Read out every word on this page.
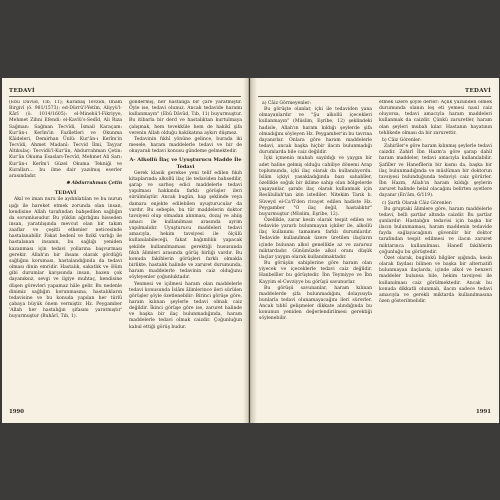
TEDAVİ

(Ebu Dâvûd, Tıb, 11); Karabaş Tevzidi, İmam Birgivî (ö. 981/1573): ed-Dürrü'l-Yetîm, Aliyyü'l-Kârî (ö. 1014/1605): el-Minehü'l-Fikriyye, Mehmet Zihni Efendi: el-Kavlü's-Sedîd, Ali Rıza Sağman: Sağman Tecvîdi, İsmail Karaçam: Kur'ân-ı Kerîm'in Fazîletleri ve Okunma Kâideleri, Demirhan Ünlü: Kur'ân-ı Kerîm'in Tecvîdi, Ahmet Madanî: Tecvid İlmi, Tayyar Altıkulaç: Tecvidü'l-Kur'ân, Abdurrahman Çetin: Kur'ân Okuma Esasları-Tecvîd, Mehmet Ali Sarı: Kur'ân-ı Kerîm'i Güzel Okuma Tekniği ve Kuralları... bu ilme dair yazılmış eserler arasındadır.

✸ Abdurrahman Çetin

TEDAVİ

Akıl ve iman nuru ile aydınlatılan ve bu nurun ışığı ile hareket etmek zorunda olan insan, kendisine Allah tarafından bahşedilen sağlığın da sorumlusudur. Bu yükün ağırlığını hisseden insan, yaratılışında mevcut olan bir takım zaaflar ve çeşitli etkenler neticesinde hastalanabilir. Fakat bedenî ve fizikî varlığı ile hastalanan insanın, bu sağlığı yeniden kazanması için tedavi yollarına başvurması gerekir. Allah'ın bir ihsanı olarak gördüğü sağlığını koruması, hastalandığında da tedavi olması dinin emridir. Hastalık, sakatlık ve ölüm gibi durumlar karşısında insan, bazen çok dayanıksız, sevgi ve ilgiye muhtaç, kendisine düşen görevleri yapamaz hâle gelir. Bu nedenle dinimiz sağlığın korunmasına, hastalıkların tedavisine ve bu konuda yapılan her türlü çabaya büyük önem vermiştir. Hz. Peygamber 'Allah her hastalığın şifasını yaratmıştır' buyurmuştur (Buhârî, Tıb, 1).

göndermiş, her hastalığa bir çare yaratmıştır. Öyle ise, tedavi olunuz. Ancak tedavide haramı kullanmayın" (Ebû Dâvûd, Tıb, 11) buyurmuştur. Bu itibarla bir derd ve hastalıktan kurtulmaya çalışmak, hem tevekküle hem de hakikî şifa verenin Allah olduğu hakikatına aykırı düşmez.

Tedavinin fıkhî yönüne gelince, burada iki mesele, haram maddelerle tedavi ve bir de okuyarak tedavi konusu gündeme gelmektedir.

A- Alkollü İlaç ve Uyuşturucu Madde İle Tedavi

Gerek klasik gereksе yeni telif edilen fıkıh kitaplarında alkollü ilaç ile tedaviden bahsedilir, şarap ve sarhoş edici maddelerle tedavi yapılması hakkında farklı görüşler ileri sürülmüştür. Ancak bugün, hap şeklinde veya damara enjekte edilebilen uyuşturucular da vardır. Bu sebeple, bu tür maddelerin doktor tavsiyesi olup olmadan alınması, dozaj ve ahiiş amacı ile kullanılması arasında ayrım yapılmalıdır. Uyuşturucu maddeleri tedavi amacıyla, hekim tavsiyesi ile ölçülü kullanılabileceği, fakat bağımlılık yapacak şekilde kullanılmaması gerektiği hususunda fıkıh âlimleri arasında görüş birliği vardır. Bu konuda fakihlerin görüşleri farklı olmakla birlikte, hastalık halinde ve zaruret durumunda, haram maddelerle tedavinin caiz olduğunu söyleyenler çoğunluktadır.

Yenmesi ve içilmesi haram olan maddelerle tedavi konusunda İslâm âlimlerince ileri sürülen görüşler şöyle özetlenebilir: Birinci görüşe göre, haram kılınan şeylerle tedavi olmak caiz değildir. İkinci görüşe göre ise, zaruret halinde ve başka bir ilaç bulunmadığında, haram maddelerle tedavi olmak caizdir. Çoğunluğun kabul ettiği görüş budur.

1990
TEDAVİ

a) Câiz Görmeyenler:

Bu görüşte olanlar, içki ile tedaviden yana olmayanlardır ve "Şu alkollü içecekleri kullanmayın" (Müslim, Eşribe, 12) şeklindeki hadisle, Allah'ın haram kıldığı şeylerde şifa olmadığını söyleyen Hz. Peygamber'in bu tavrına dayanırlar. Onlara göre haram maddelerle tedavi, ancak başka hiçbir ilacın bulunmadığı durumlarda bile caiz değildir.

İçki içmenin mubah sayıldığı ve yaygın bir adet haline gelmiş olduğu cahiliye dönemi Arap toplumunda, içki ilaç olarak da kullanılıyordu. İslâm içkiyi yasakladığında bazı sahabîler, özellikle soğuk bir iklime sahip olan bölgelerde yaşayanlar, şarabı ilaç olarak kullanmak için Resûlullah'tan izin istediler. Nitekim Tarık b. Süveyd el-Ca'fî'den rivayet edilen hadiste Hz. Peygamber "O ilaç değil, hastalıktır" buyurmuştur (Müslim, Eşribe, 12).

Özellikle, zarar kesin olarak tespit edilen ve tedavide yararlı bulunmayan içkiler ile, alkollü ilaç kullanımı tamamen farklı durumlardır. Tedavide kullanılmak üzere üretilen ilaçların içinde bulunan alkol genellikle az ve zararsız miktardadır. Günümüzde alkol oranı düşük ilaçlar yaygın olarak kullanılmaktadır.

Bu görüşün sahiplerine göre haram olan yiyecek ve içeceklerle tedavi caiz değildir. Hanbelîler bu görüştedir. İbn Teymiyye ve İbn Kayyim el-Cevziyye bu görüşü savunurlar.

Bu görüşü savunanlar, haram kılınan maddelerde şifa bulunmadığını, dolayısıyla bunlarla tedavi olunamayacağını ileri sürerler. Ancak tıbbî gelişmeler dikkate alındığında bu konunun yeniden değerlendirilmesi gerektiği söylenebilir.

etmek üzere şöyle derler: Açlık yüzünden ölmek durumunda olanın leş eti yemesi nasıl caiz oluyorsa, tedavi amacıyla haram maddeleri kullanmak da caizdir. Çünkü zaruretler, haram olan şeyleri mubah kılar. Hastanın hayatının tehlikede olması da bir zarurettir.

b) Câiz Görenler:

Zahirîler'e göre haram kılınmış şeylerle tedavi caizdir. Zahirî İbn Hazm'a göre şarap dahil haram maddeler, tedavi amacıyla kullanılabilir. Şafiîler ve Hanefîlerin bir kısmı da, başka bir ilaç bulunmadığında ve müslüman bir doktorun tavsiyesi bulunduğunda tedaviyi caiz görürler. İbn Hazm, Allah'ın haram kıldığı şeylerin zaruret halinde helal olacağını belirten ayetlere dayanır (En'âm, 6/119).

c) Şartlı Olarak Câiz Görenler:

Bu gruptaki âlimlere göre, haram maddelerle tedavi, belli şartlar altında caizdir. Bu şartlar şunlardır: Hastalığın tedavisi için başka bir ilacın bulunmaması, haram maddenin tedavide fayda sağlayacağının güvenilir bir doktor tarafından tespit edilmesi ve ilacın zaruret miktarınca kullanılması. Hanefî fakihlerin çoğunluğu bu görüştedir.

Özet olarak, bugünkü bilgiler ışığında, kesin olarak faydası bilinen ve başka bir alternatifi bulunmayan ilaçlarda, içinde alkol ve benzeri maddeler bulunsa bile, hekim tavsiyesi ile kullanılması caiz görülmektedir. Ancak bu konuda dikkatli olunmalı, ilacın sadece tedavi amacıyla ve gerekli miktarda kullanılmasına özen gösterilmelidir.

1991
